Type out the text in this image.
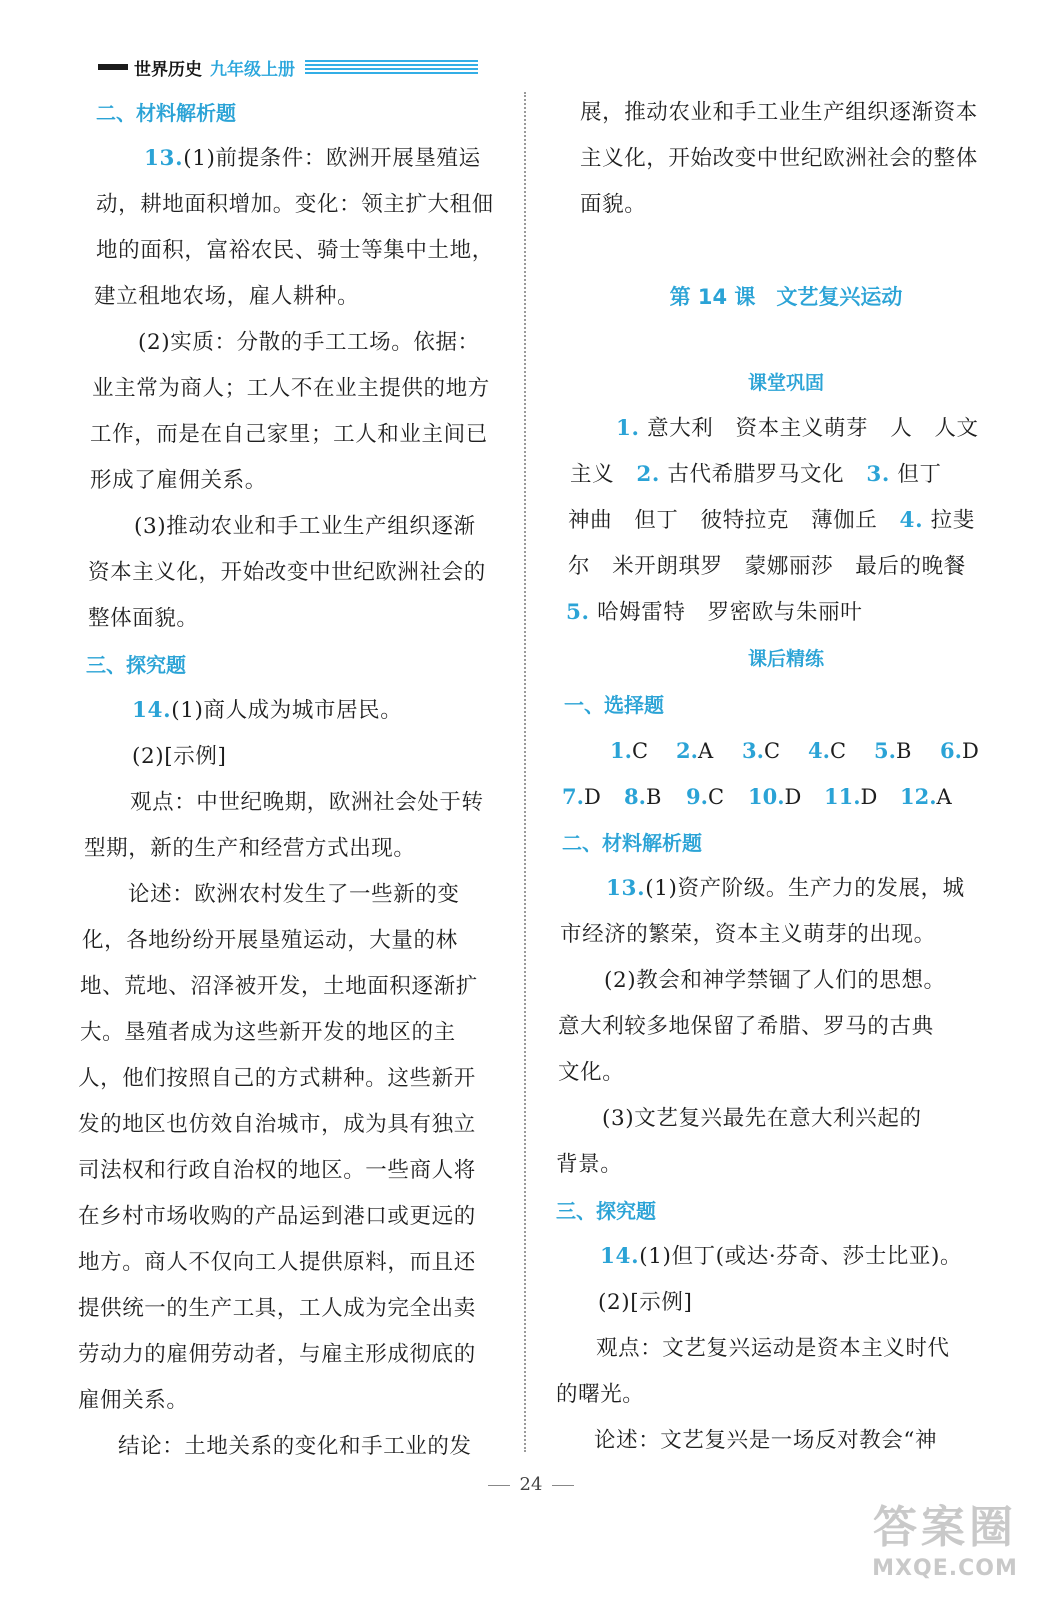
世界历史 九年级上册
二、材料解析题
13.(1)前提条件：欧洲开展垦殖运
动，耕地面积增加。变化：领主扩大租佃
地的面积，富裕农民、骑士等集中土地，
建立租地农场，雇人耕种。
(2)实质：分散的手工工场。依据：
业主常为商人；工人不在业主提供的地方
工作，而是在自己家里；工人和业主间已
形成了雇佣关系。
(3)推动农业和手工业生产组织逐渐
资本主义化，开始改变中世纪欧洲社会的
整体面貌。
三、探究题
14.(1)商人成为城市居民。
(2)[示例]
观点：中世纪晚期，欧洲社会处于转
型期，新的生产和经营方式出现。
论述：欧洲农村发生了一些新的变
化，各地纷纷开展垦殖运动，大量的林
地、荒地、沼泽被开发，土地面积逐渐扩
大。垦殖者成为这些新开发的地区的主
人，他们按照自己的方式耕种。这些新开
发的地区也仿效自治城市，成为具有独立
司法权和行政自治权的地区。一些商人将
在乡村市场收购的产品运到港口或更远的
地方。商人不仅向工人提供原料，而且还
提供统一的生产工具，工人成为完全出卖
劳动力的雇佣劳动者，与雇主形成彻底的
雇佣关系。
结论：土地关系的变化和手工业的发
展，推动农业和手工业生产组织逐渐资本
主义化，开始改变中世纪欧洲社会的整体
面貌。
第 14 课　文艺复兴运动
课堂巩固
1. 意大利　资本主义萌芽　人　人文
主义　 2. 古代希腊罗马文化　 3. 但丁
神曲　但丁　彼特拉克　薄伽丘　 4. 拉斐
尔　米开朗琪罗　蒙娜丽莎　最后的晚餐
5. 哈姆雷特　罗密欧与朱丽叶
课后精练
一、选择题
1.C 2.A 3.C 4.C 5.B 6.D
7.D 8.B 9.C 10.D 11.D 12.A
二、材料解析题
13.(1)资产阶级。生产力的发展，城
市经济的繁荣，资本主义萌芽的出现。
(2)教会和神学禁锢了人们的思想。
意大利较多地保留了希腊、罗马的古典
文化。
(3)文艺复兴最先在意大利兴起的
背景。
三、探究题
14.(1)但丁(或达·芬奇、莎士比亚)。
(2)[示例]
观点：文艺复兴运动是资本主义时代
的曙光。
论述：文艺复兴是一场反对教会“神
24
答案圈
MXQE.COM
